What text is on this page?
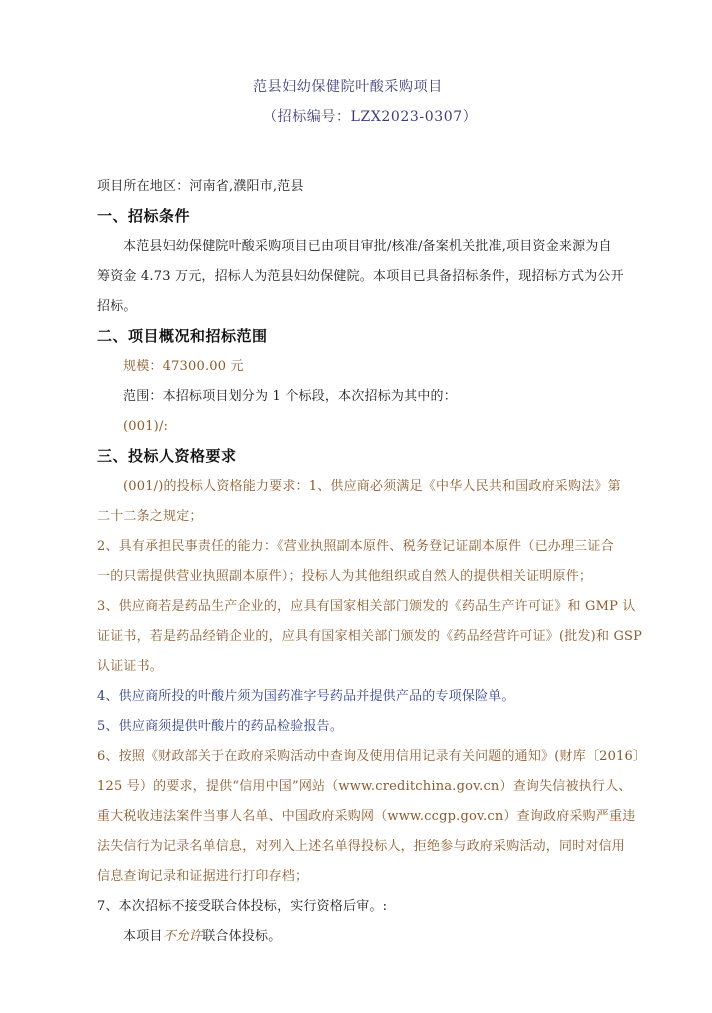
范县妇幼保健院叶酸采购项目
（招标编号：LZX2023-0307）
项目所在地区：河南省,濮阳市,范县
一、招标条件
本范县妇幼保健院叶酸采购项目已由项目审批/核准/备案机关批准,项目资金来源为自
筹资金 4.73 万元，招标人为范县妇幼保健院。本项目已具备招标条件，现招标方式为公开
招标。
二、项目概况和招标范围
规模：47300.00 元
范围：本招标项目划分为 1 个标段，本次招标为其中的：
(001)/:
三、投标人资格要求
(001/)的投标人资格能力要求：1、供应商必须满足《中华人民共和国政府采购法》第
二十二条之规定；
2、具有承担民事责任的能力：《营业执照副本原件、税务登记证副本原件（已办理三证合
一的只需提供营业执照副本原件）；投标人为其他组织或自然人的提供相关证明原件；
3、供应商若是药品生产企业的，应具有国家相关部门颁发的《药品生产许可证》和 GMP 认
证证书，若是药品经销企业的，应具有国家相关部门颁发的《药品经营许可证》(批发)和 GSP
认证证书。
4、供应商所投的叶酸片须为国药准字号药品并提供产品的专项保险单。
5、供应商须提供叶酸片的药品检验报告。
6、按照《财政部关于在政府采购活动中查询及使用信用记录有关问题的通知》(财库〔2016〕
125 号）的要求，提供“信用中国”网站（www.creditchina.gov.cn）查询失信被执行人、
重大税收违法案件当事人名单、中国政府采购网（www.ccgp.gov.cn）查询政府采购严重违
法失信行为记录名单信息，对列入上述名单得投标人，拒绝参与政府采购活动，同时对信用
信息查询记录和证据进行打印存档；
7、本次招标不接受联合体投标，实行资格后审。:
本项目不允许联合体投标。
